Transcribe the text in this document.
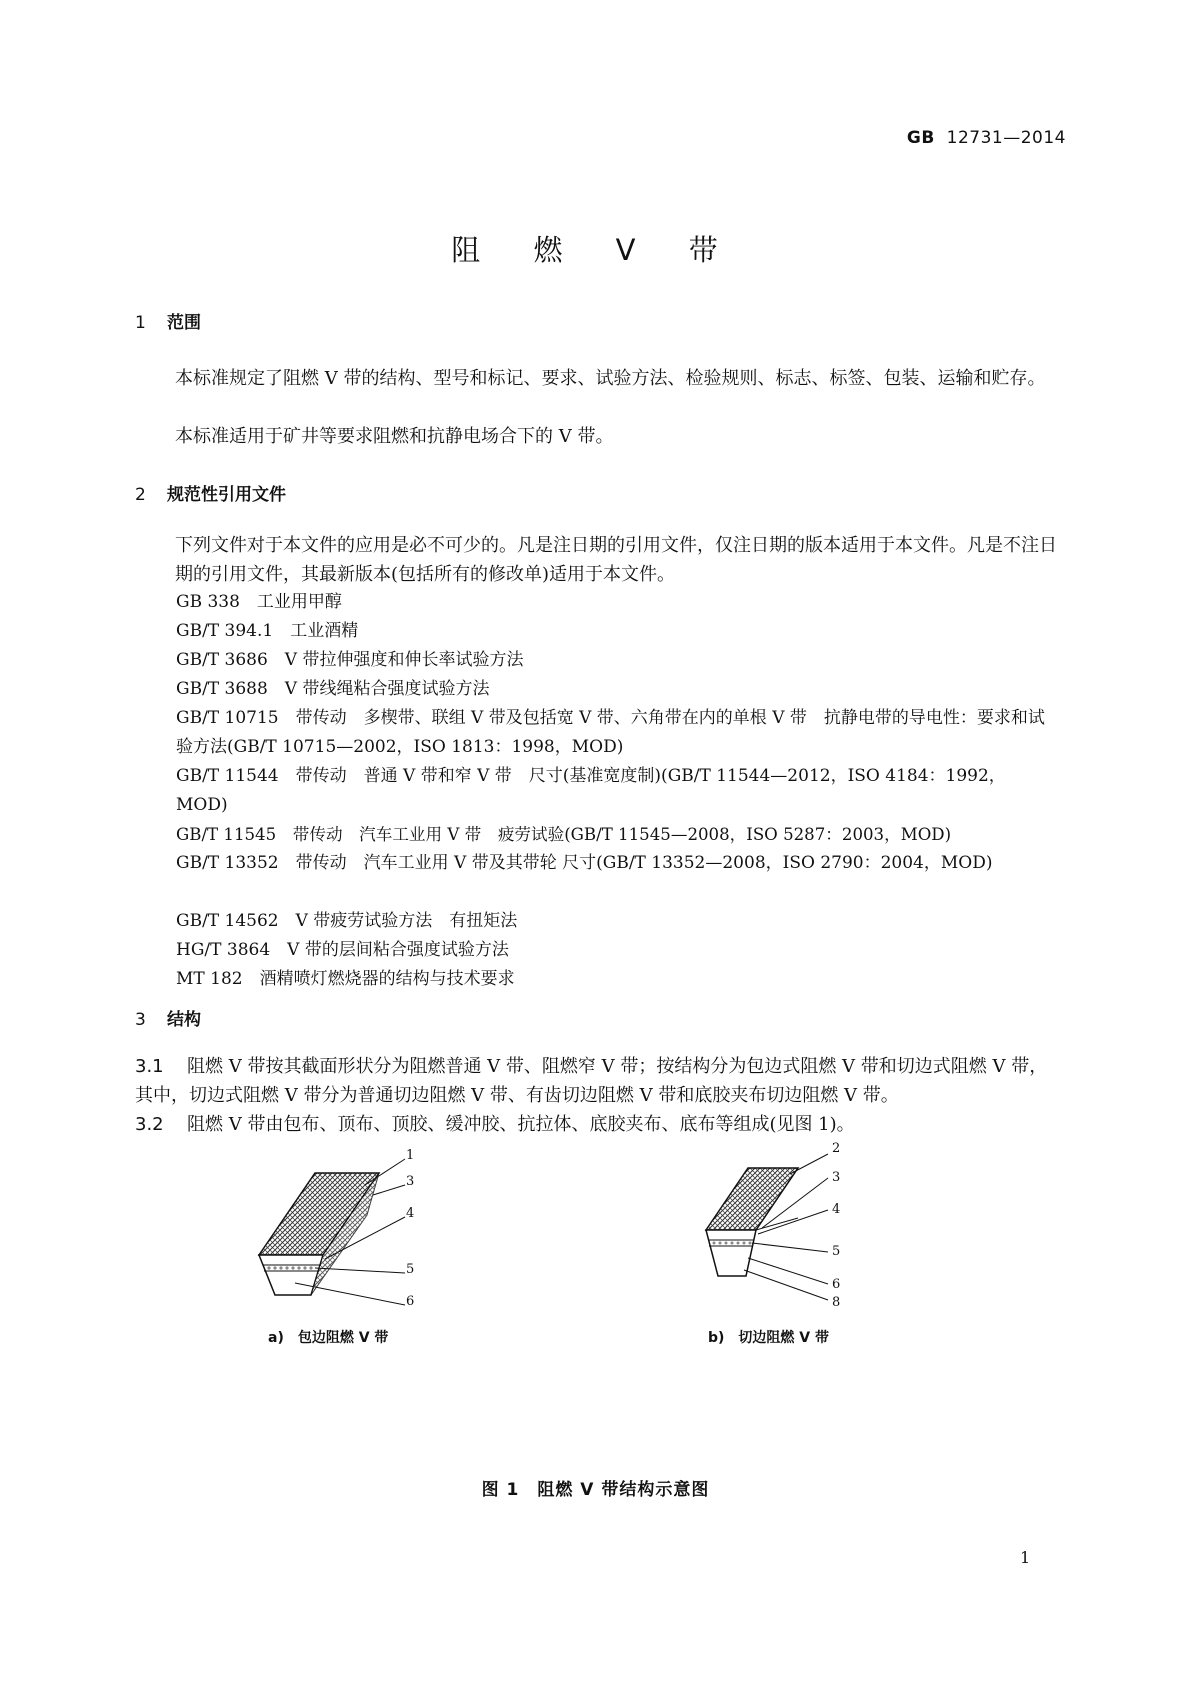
GB 12731—2014
阻 燃 V 带
1 范围
本标准规定了阻燃 V 带的结构、型号和标记、要求、试验方法、检验规则、标志、标签、包装、运输和贮存。
本标准适用于矿井等要求阻燃和抗静电场合下的 V 带。
2 规范性引用文件
下列文件对于本文件的应用是必不可少的。凡是注日期的引用文件，仅注日期的版本适用于本文件。凡是不注日期的引用文件，其最新版本(包括所有的修改单)适用于本文件。
GB 338　工业用甲醇
GB/T 394.1　工业酒精
GB/T 3686　V 带拉伸强度和伸长率试验方法
GB/T 3688　V 带线绳粘合强度试验方法
GB/T 10715　带传动　多楔带、联组 V 带及包括宽 V 带、六角带在内的单根 V 带　抗静电带的导电性：要求和试验方法(GB/T 10715—2002，ISO 1813：1998，MOD)
GB/T 11544　带传动　普通 V 带和窄 V 带　尺寸(基准宽度制)(GB/T 11544—2012，ISO 4184：1992，MOD)
GB/T 11545　带传动　汽车工业用 V 带　疲劳试验(GB/T 11545—2008，ISO 5287：2003，MOD)
GB/T 13352　带传动　汽车工业用 V 带及其带轮 尺寸(GB/T 13352—2008，ISO 2790：2004，MOD)
GB/T 14562　V 带疲劳试验方法　有扭矩法
HG/T 3864　V 带的层间粘合强度试验方法
MT 182　酒精喷灯燃烧器的结构与技术要求
3 结构
3.1 阻燃 V 带按其截面形状分为阻燃普通 V 带、阻燃窄 V 带；按结构分为包边式阻燃 V 带和切边式阻燃 V 带，其中，切边式阻燃 V 带分为普通切边阻燃 V 带、有齿切边阻燃 V 带和底胶夹布切边阻燃 V 带。
3.2 阻燃 V 带由包布、顶布、顶胶、缓冲胶、抗拉体、底胶夹布、底布等组成(见图 1)。
1
3
4
5
6
a)　包边阻燃 V 带
2
3
4
5
6
8
b)　切边阻燃 V 带
图 1　阻燃 V 带结构示意图
1
